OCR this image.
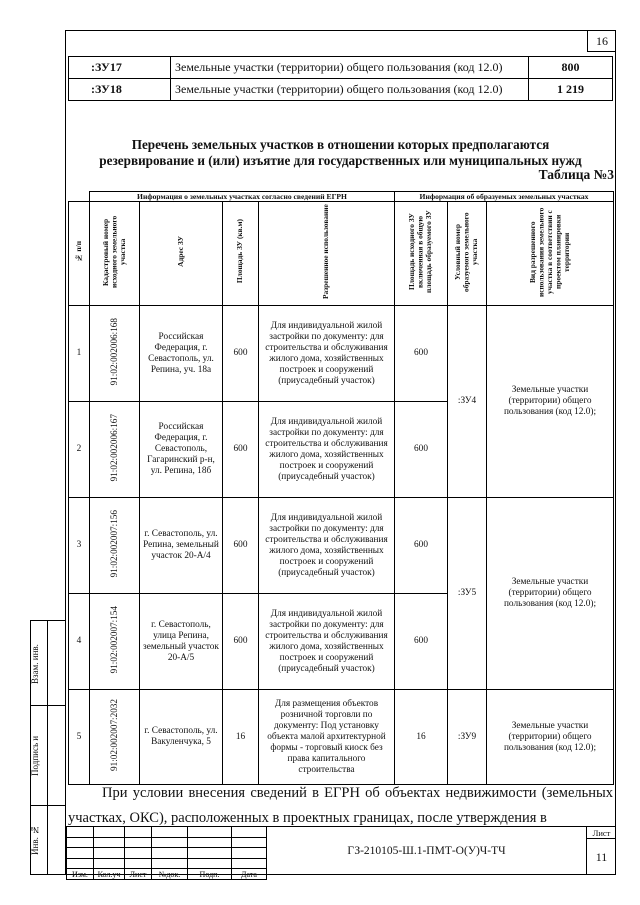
16
:ЗУ17	Земельные участки (территории) общего пользования (код 12.0)	800
:ЗУ18	Земельные участки (территории) общего пользования (код 12.0)	1 219
Перечень земельных участков в отношении которых предполагаются
резервирование и (или) изъятие для государственных или муниципальных нужд
Таблица №3
	Информация о земельных участках согласно сведений ЕГРН				Информация об образуемых земельных участках		
№ п/п	Кадастровый номер исходного земельного участка	Адрес ЗУ	Площадь ЗУ (кв.м)	Разрешенное использование	Площадь исходного ЗУ включенная в общую площадь образуемого ЗУ	Условный номер образуемого земельного участка	Вид разрешенного использования земельного участка в соответствии с проектом планировки территории
1	91:02:002006:168	Российская Федерация, г. Севастополь, ул. Репина, уч. 18а	600	Для индивидуальной жилой застройки по документу: для строительства и обслуживания жилого дома, хозяйственных построек и сооружений (приусадебный участок)	600	:ЗУ4	Земельные участки (территории) общего пользования (код 12.0);
2	91:02:002006:167	Российская Федерация, г. Севастополь, Гагаринский р-н, ул. Репина, 18б	600	Для индивидуальной жилой застройки по документу: для строительства и обслуживания жилого дома, хозяйственных построек и сооружений (приусадебный участок)	600		
3	91:02:002007:156	г. Севастополь, ул. Репина, земельный участок 20-А/4	600	Для индивидуальной жилой застройки по документу: для строительства и обслуживания жилого дома, хозяйственных построек и сооружений (приусадебный участок)	600	:ЗУ5	Земельные участки (территории) общего пользования (код 12.0);
4	91:02:002007:154	г. Севастополь, улица Репина, земельный участок 20-А/5	600	Для индивидуальной жилой застройки по документу: для строительства и обслуживания жилого дома, хозяйственных построек и сооружений (приусадебный участок)	600		
5	91:02:002007:2032	г. Севастополь, ул. Вакуленчука, 5	16	Для размещения объектов розничной торговли по документу: Под установку объекта малой архитектурной формы - торговый киоск без права капитального строительства	16	:ЗУ9	Земельные участки (территории) общего пользования (код 12.0);
При условии внесения сведений в ЕГРН об объектах недвижимости (земельных участках, ОКС), расположенных в проектных границах, после утверждения в

Изм.	Кол.уч	Лист	№док.	Подп.	Дата
ГЗ-210105-Ш.1-ПМТ-О(У)Ч-ТЧ
Лист
11
Взам. инв.
Подпись и
Инв. №
